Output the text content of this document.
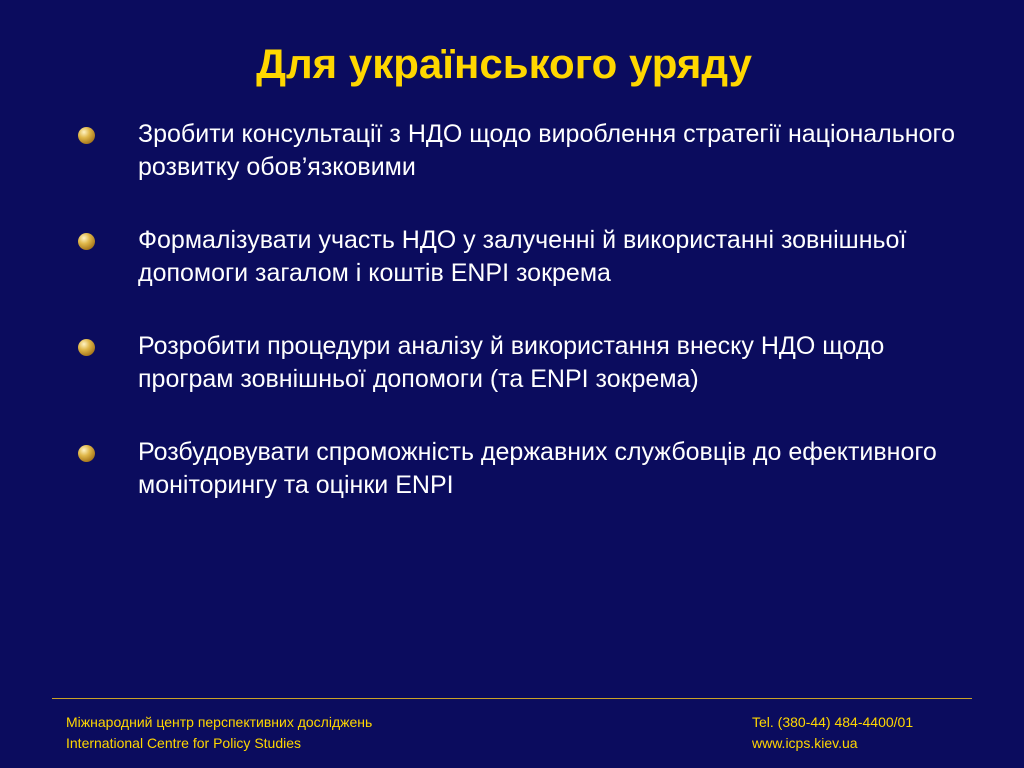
Для українського уряду
Зробити консультації з НДО щодо вироблення стратегії національного розвитку обов’язковими
Формалізувати участь НДО у залученні й використанні зовнішньої допомоги загалом і коштів ENPI зокрема
Розробити процедури аналізу й використання внеску НДО щодо програм зовнішньої допомоги (та ENPI зокрема)
Розбудовувати спроможність державних службовців до ефективного моніторингу та оцінки ENPI
Міжнародний центр перспективних досліджень
International Centre for Policy Studies
Tel. (380-44) 484-4400/01
www.icps.kiev.ua
